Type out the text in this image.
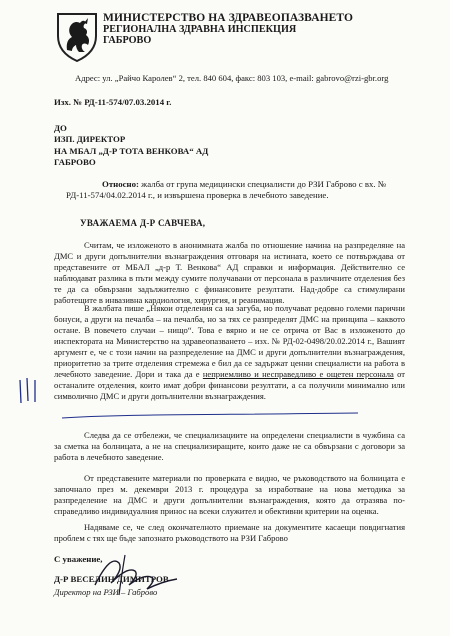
МИНИСТЕРСТВО НА ЗДРАВЕОПАЗВАНЕТО
РЕГИОНАЛНА ЗДРАВНА ИНСПЕКЦИЯ
ГАБРОВО
Адрес: ул. „Райчо Каролев“ 2, тел. 840 604, факс: 803 103, e-mail: gabrovo@rzi-gbr.org
Изх. № РД-11-574/07.03.2014 г.
ДО
ИЗП. ДИРЕКТОР
НА МБАЛ „Д-Р ТОТА ВЕНКОВА“ АД
ГАБРОВО
Относно: жалба от група медицински специалисти до РЗИ Габрово с вх. № РД-11-574/04.02.2014 г., и извършена проверка в лечебното заведение.
УВАЖАЕМА Д-Р САВЧЕВА,
Считам, че изложеното в анонимната жалба по отношение начина на разпределяне на ДМС и други допълнителни възнаграждения отговаря на истината, което се потвърждава от представените от МБАЛ „д-р Т. Венкова“ АД справки и информация. Действително се наблюдават разлика в пъти между сумите получавани от персонала в различните отделения без те да са обвързани задължително с финансовите резултати. Над-добре са стимулирани работещите в инвазивна кардиология, хирургия, и реанимация.
В жалбата пише „Някои отделения са на загуба, но получават редовно големи парични бонуси, а други на печалба – на печалба, но за тях се разпределят ДМС на принципа – каквото остане. В повечето случаи – нищо“. Това е вярно и не се отрича от Вас в изложеното до инспектората на Министерство на здравеопазването – изх. № РД-02-0498/20.02.2014 г., Вашият аргумент е, че с този начин на разпределение на ДМС и други допълнителни възнаграждения, приоритетно за трите отделения стремежа е бил да се задържат ценни специалисти на работа в лечебното заведение. Дори и така да е неприемливо и несправедливо е ощетен персонала от останалите отделения, които имат добри финансови резултати, а са получили минимално или символично ДМС и други допълнителни възнаграждения.
Следва да се отбележи, че специализациите на определени специалисти в чужбина са за сметка на болницата, а не на специализиращите, които даже не са обвързани с договори за работа в лечебното заведение.
От представените материали по проверката е видно, че ръководството на болницата е започнало през м. декември 2013 г. процедура за изработване на нова методика за разпределение на ДМС и други допълнителни възнаграждения, която да отразява по-справедливо индивидуалния принос на всеки служител и обективни критерии на оценка.
Надяваме се, че след окончателното приемане на документите касаещи повдигнатия проблем с тях ще бъде запознато ръководството на РЗИ Габрово
С уважение,
Д-Р ВЕСЕЛИН ДИМИТРОВ
Директор на РЗИ – Габрово
